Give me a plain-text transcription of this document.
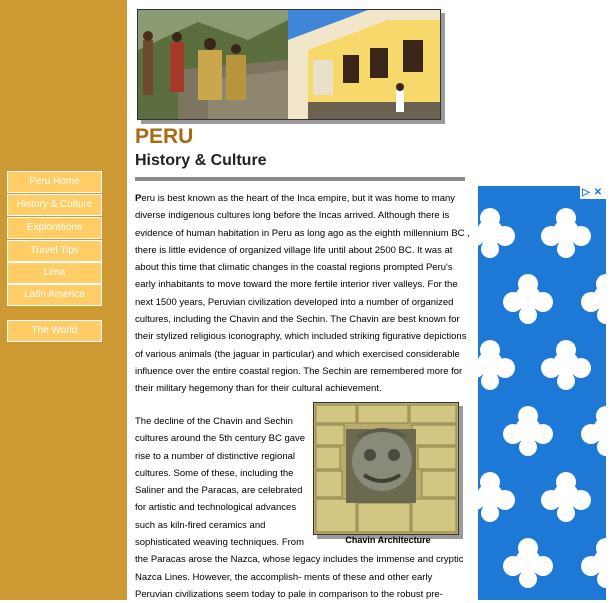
Peru Home
History & Culture
Explorations
Travel Tips
Lima
Latin America
The World
PERU
History & Culture
Peru is best known as the heart of the Inca empire, but it was home to many
diverse indigenous cultures long before the Incas arrived. Although there is
evidence of human habitation in Peru as long ago as the eighth millennium BC ,
there is little evidence of organized village life until about 2500 BC. It was at
about this time that climatic changes in the coastal regions prompted Peru's
early inhabitants to move toward the more fertile interior river valleys. For the
next 1500 years, Peruvian civilization developed into a number of organized
cultures, including the Chavin and the Sechin. The Chavin are best known for
their stylized religious iconography, which included striking figurative depictions
of various animals (the jaguar in particular) and which exercised considerable
influence over the entire coastal region. The Sechin are remembered more for
their military hegemony than for their cultural achievement.
Chavin Architecture
The decline of the Chavin and Sechin
cultures around the 5th century BC gave
rise to a number of distinctive regional
cultures. Some of these, including the
Saliner and the Paracas, are celebrated
for artistic and technological advances
such as kiln-fired ceramics and
sophisticated weaving techniques. From
the Paracas arose the Nazca, whose legacy includes the immense and cryptic
Nazca Lines. However, the accomplish- ments of these and other early
Peruvian civilizations seem today to pale in comparison to the robust pre-
▷ ✕
